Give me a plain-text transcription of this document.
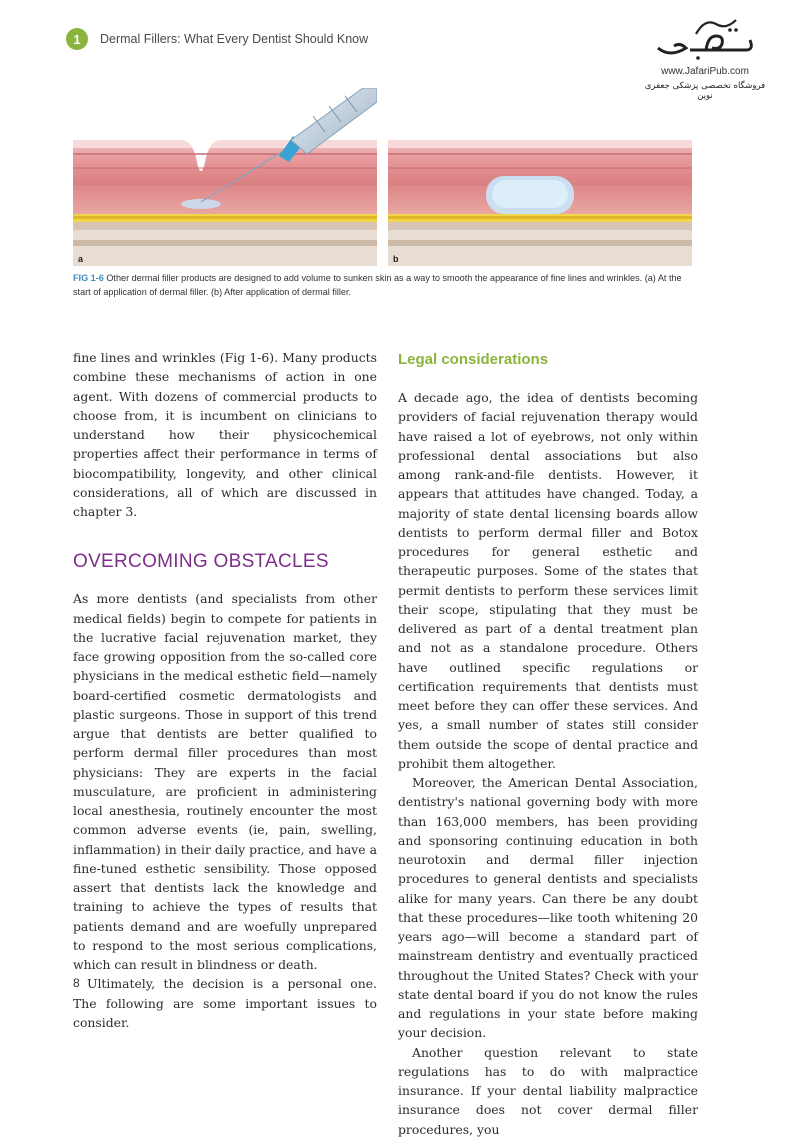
1	Dermal Fillers: What Every Dentist Should Know
www.JafariPub.com
فروشگاه تخصصی پزشکی جعفری نوین
a	b
FIG 1-6 Other dermal filler products are designed to add volume to sunken skin as a way to smooth the appearance of fine lines and wrinkles. (a) At the start of application of dermal filler. (b) After application of dermal filler.

fine lines and wrinkles (Fig 1-6). Many products combine these mechanisms of action in one agent. With dozens of commercial products to choose from, it is incumbent on clinicians to understand how their physicochemical properties affect their performance in terms of biocompatibility, longevity, and other clinical considerations, all of which are discussed in chapter 3.

OVERCOMING OBSTACLES

As more dentists (and specialists from other medical fields) begin to compete for patients in the lucrative facial rejuvenation market, they face growing opposition from the so-called core physicians in the medical esthetic field—namely board-certified cosmetic dermatologists and plastic surgeons. Those in support of this trend argue that dentists are better qualified to perform dermal filler procedures than most physicians: They are experts in the facial musculature, are proficient in administering local anesthesia, routinely encounter the most common adverse events (ie, pain, swelling, inflammation) in their daily practice, and have a fine-tuned esthetic sensibility. Those opposed assert that dentists lack the knowledge and training to achieve the types of results that patients demand and are woefully unprepared to respond to the most serious complications, which can result in blindness or death.

Ultimately, the decision is a personal one. The following are some important issues to consider.

Legal considerations

A decade ago, the idea of dentists becoming providers of facial rejuvenation therapy would have raised a lot of eyebrows, not only within professional dental associations but also among rank-and-file dentists. However, it appears that attitudes have changed. Today, a majority of state dental licensing boards allow dentists to perform dermal filler and Botox procedures for general esthetic and therapeutic purposes. Some of the states that permit dentists to perform these services limit their scope, stipulating that they must be delivered as part of a dental treatment plan and not as a standalone procedure. Others have outlined specific regulations or certification requirements that dentists must meet before they can offer these services. And yes, a small number of states still consider them outside the scope of dental practice and prohibit them altogether.

Moreover, the American Dental Association, dentistry's national governing body with more than 163,000 members, has been providing and sponsoring continuing education in both neurotoxin and dermal filler injection procedures to general dentists and specialists alike for many years. Can there be any doubt that these procedures—like tooth whitening 20 years ago—will become a standard part of mainstream dentistry and eventually practiced throughout the United States? Check with your state dental board if you do not know the rules and regulations in your state before making your decision.

Another question relevant to state regulations has to do with malpractice insurance. If your dental liability malpractice insurance does not cover dermal filler procedures, you

8
